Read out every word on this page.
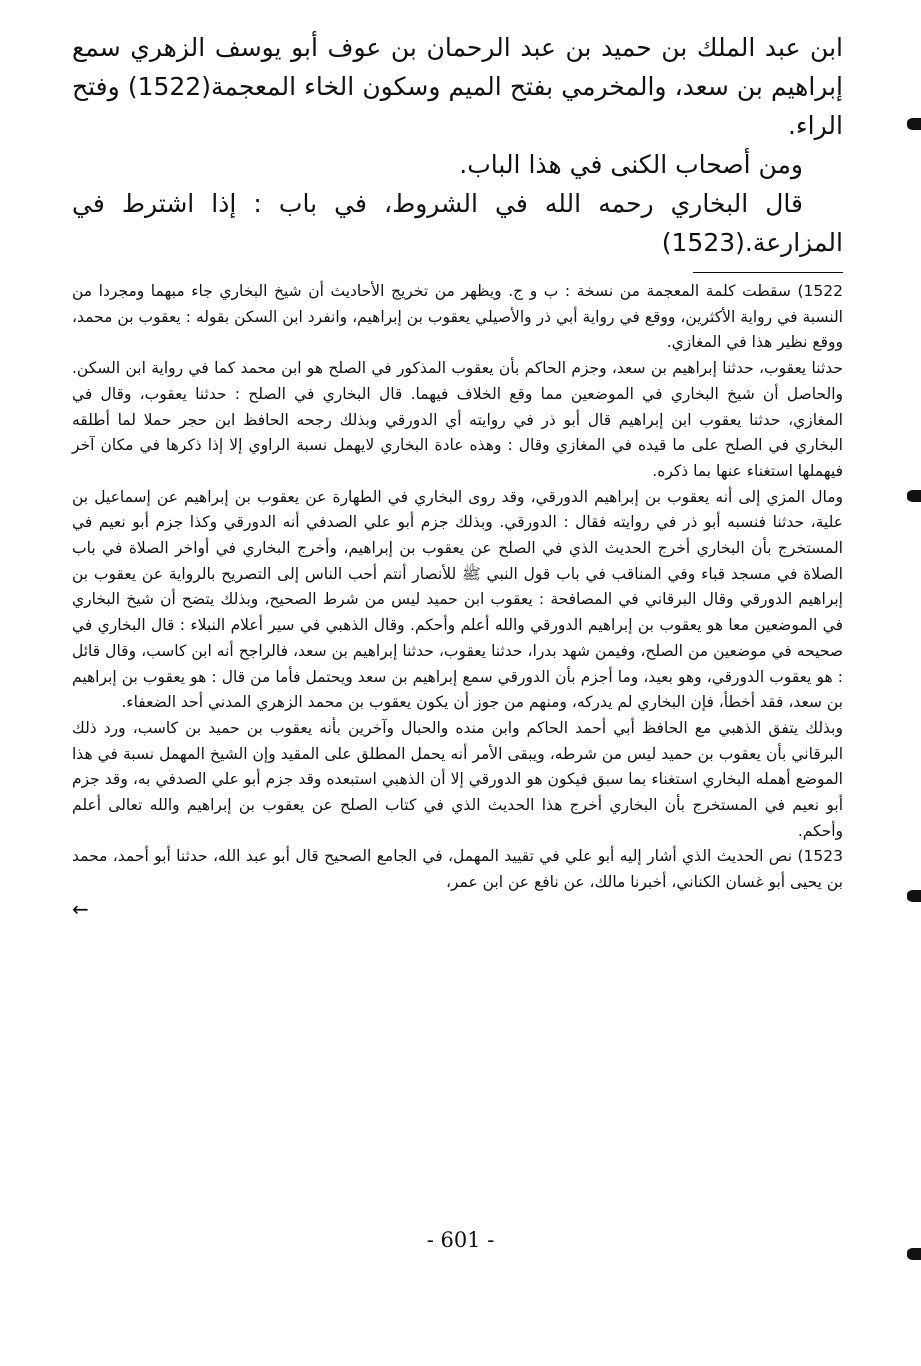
ابن عبد الملك بن حميد بن عبد الرحمان بن عوف أبو يوسف الزهري سمع إبراهيم بن سعد، والمخرمي بفتح الميم وسكون الخاء المعجمة(1522) وفتح الراء.

ومن أصحاب الكنى في هذا الباب.

قال البخاري رحمه الله في الشروط، في باب : إذا اشترط في المزارعة.(1523)

1522) سقطت كلمة المعجمة من نسخة : ب و ج. ويظهر من تخريج الأحاديث أن شيخ البخاري جاء مبهما ومجردا من النسبة في رواية الأكثرين، ووقع في رواية أبي ذر والأصيلي يعقوب بن إبراهيم، وانفرد ابن السكن بقوله : يعقوب بن محمد، ووقع نظير هذا في المغازي.
حدثنا يعقوب، حدثنا إبراهيم بن سعد، وجزم الحاكم بأن يعقوب المذكور في الصلح هو ابن محمد كما في رواية ابن السكن. والحاصل أن شيخ البخاري في الموضعين مما وقع الخلاف فيهما. قال البخاري في الصلح : حدثنا يعقوب، وقال في المغازي، حدثنا يعقوب ابن إبراهيم قال أبو ذر في روايته أي الدورقي وبذلك رجحه الحافظ ابن حجر حملا لما أطلقه البخاري في الصلح على ما قيده في المغازي وقال : وهذه عادة البخاري لايهمل نسبة الراوي إلا إذا ذكرها في مكان آخر فيهملها استغناء عنها بما ذكره.
ومال المزي إلى أنه يعقوب بن إبراهيم الدورقي، وقد روى البخاري في الطهارة عن يعقوب بن إبراهيم عن إسماعيل بن علية، حدثنا فنسبه أبو ذر في روايته فقال : الدورقي. وبذلك جزم أبو علي الصدفي أنه الدورقي وكذا جزم أبو نعيم في المستخرج بأن البخاري أخرج الحديث الذي في الصلح عن يعقوب بن إبراهيم، وأخرج البخاري في أواخر الصلاة في باب الصلاة في مسجد قباء وفي المناقب في باب قول النبي ﷺ للأنصار أنتم أحب الناس إلى التصريح بالرواية عن يعقوب بن إبراهيم الدورقي وقال البرقاني في المصافحة : يعقوب ابن حميد ليس من شرط الصحيح، وبذلك يتضح أن شيخ البخاري في الموضعين معا هو يعقوب بن إبراهيم الدورقي والله أعلم وأحكم. وقال الذهبي في سير أعلام النبلاء : قال البخاري في صحيحه في موضعين من الصلح، وفيمن شهد بدرا، حدثنا يعقوب، حدثنا إبراهيم بن سعد، فالراجح أنه ابن كاسب، وقال قائل : هو يعقوب الدورقي، وهو بعيد، وما أجزم بأن الدورقي سمع إبراهيم بن سعد ويحتمل فأما من قال : هو يعقوب بن إبراهيم بن سعد، فقد أخطأ، فإن البخاري لم يدركه، ومنهم من جوز أن يكون يعقوب بن محمد الزهري المدني أحد الضعفاء.
وبذلك يتفق الذهبي مع الحافظ أبي أحمد الحاكم وابن منده والحبال وآخرين بأنه يعقوب بن حميد بن كاسب، ورد ذلك البرقاني بأن يعقوب بن حميد ليس من شرطه، ويبقى الأمر أنه يحمل المطلق على المقيد وإن الشيخ المهمل نسبة في هذا الموضع أهمله البخاري استغناء بما سبق فيكون هو الدورقي إلا أن الذهبي استبعده وقد جزم أبو علي الصدفي به، وقد جزم أبو نعيم في المستخرج بأن البخاري أخرج هذا الحديث الذي في كتاب الصلح عن يعقوب بن إبراهيم والله تعالى أعلم وأحكم.
1523) نص الحديث الذي أشار إليه أبو علي في تقييد المهمل، في الجامع الصحيح قال أبو عبد الله، حدثنا أبو أحمد، محمد بن يحيى أبو غسان الكناني، أخبرنا مالك، عن نافع عن ابن عمر،
←
- 601 -
